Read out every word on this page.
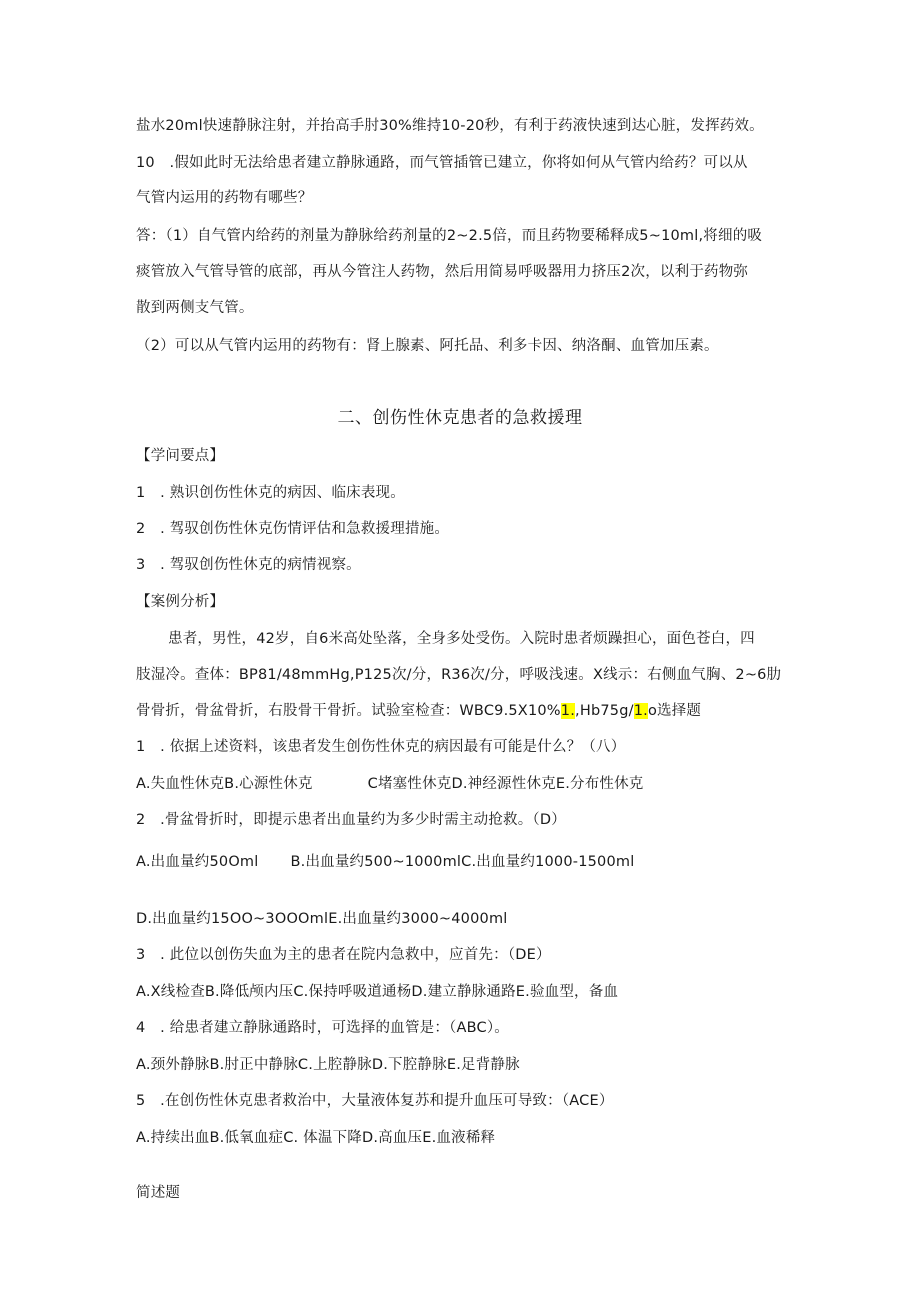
盐水20ml快速静脉注射，并抬高手肘30%维持10-20秒，有利于药液快速到达心脏，发挥药效。
10　.假如此时无法给患者建立静脉通路，而气管插管已建立，你将如何从气管内给药？可以从
气管内运用的药物有哪些？
答：（1）自气管内给药的剂量为静脉给药剂量的2~2.5倍，而且药物要稀释成5~10ml,将细的吸
痰管放入气管导管的底部，再从今管注人药物，然后用简易呼吸器用力挤压2次，以利于药物弥
散到两侧支气管。
（2）可以从气管内运用的药物有：肾上腺素、阿托品、利多卡因、纳洛酮、血管加压素。
二、创伤性休克患者的急救援理
【学问要点】
1　. 熟识创伤性休克的病因、临床表现。
2　. 驾驭创伤性休克伤情评估和急救援理措施。
3　. 驾驭创伤性休克的病情视察。
【案例分析】
患者，男性，42岁，自6米高处坠落，全身多处受伤。入院时患者烦躁担心，面色苍白，四
肢湿冷。查体：BP81/48mmHg,P125次/分，R36次/分，呼吸浅速。X线示：右侧血气胸、2~6肋
骨骨折，骨盆骨折，右股骨干骨折。试验室检查：WBC9.5X10%1.,Hb75g/1.o选择题
1　. 依据上述资料，该患者发生创伤性休克的病因最有可能是什么？（八）
A.失血性休克B.心源性休克	C堵塞性休克D.神经源性休克E.分布性休克
2　.骨盆骨折时，即提示患者出血量约为多少时需主动抢救。（D）
A.出血量约50Oml B.出血量约500~1000mlC.出血量约1000-1500ml
D.出血量约15OO~3OOOmlE.出血量约3000~4000ml
3　. 此位以创伤失血为主的患者在院内急救中，应首先：（DE）
A.X线检查B.降低颅内压C.保持呼吸道通杨D.建立静脉通路E.验血型，备血
4　. 给患者建立静脉通路时，可选择的血管是：（ABC）。
A.颈外静脉B.肘正中静脉C.上腔静脉D.下腔静脉E.足背静脉
5　.在创伤性休克患者救治中，大量液体复苏和提升血压可导致：（ACE）
A.持续出血B.低氧血症C. 体温下降D.高血压E.血液稀释
简述题
